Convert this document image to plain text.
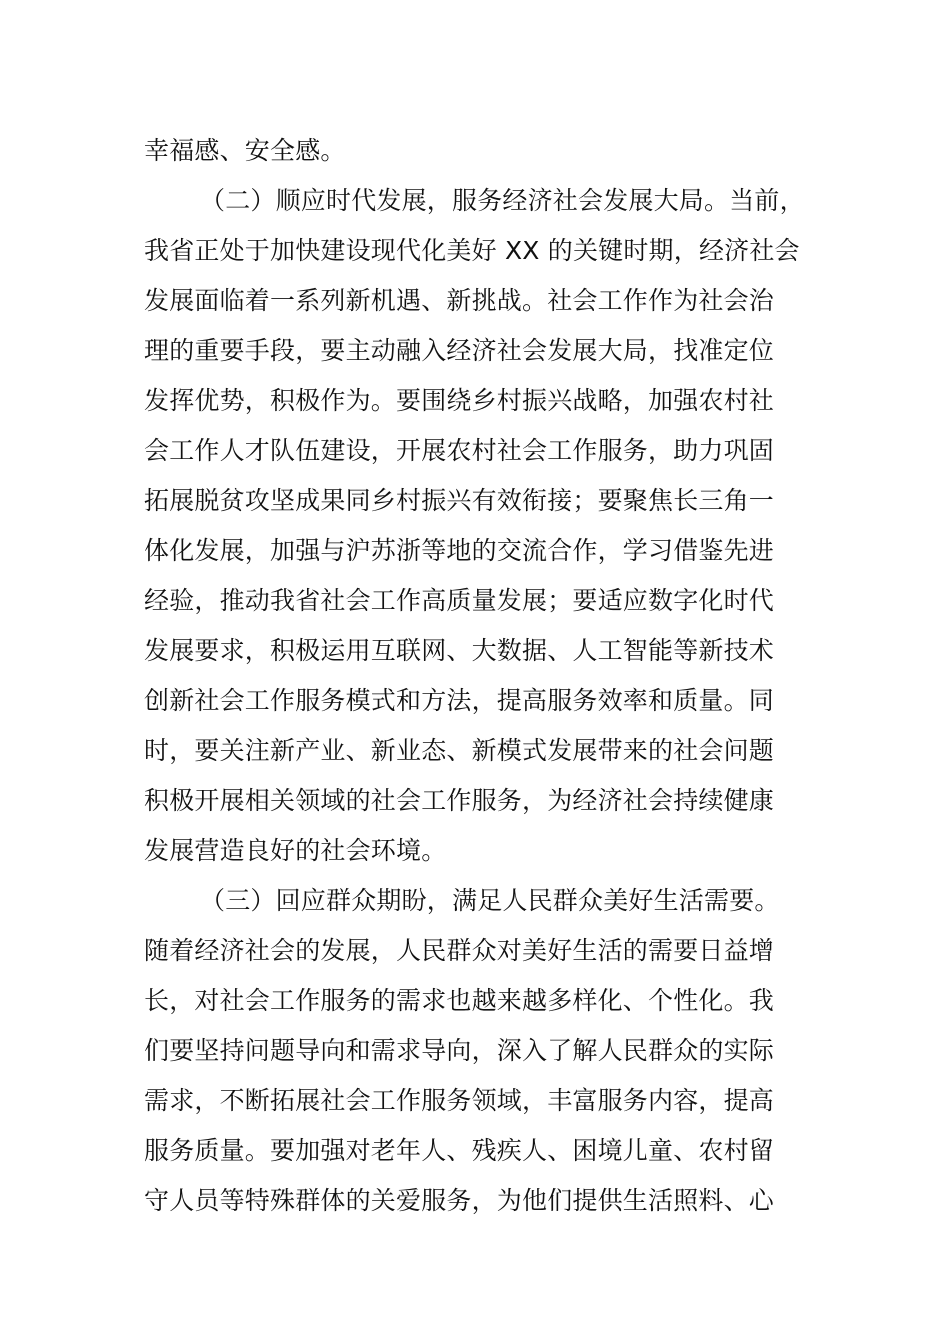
幸福感、安全感。
（二）顺应时代发展，服务经济社会发展大局。当前，
我省正处于加快建设现代化美好 XX 的关键时期，经济社会
发展面临着一系列新机遇、新挑战。社会工作作为社会治
理的重要手段，要主动融入经济社会发展大局，找准定位
发挥优势，积极作为。要围绕乡村振兴战略，加强农村社
会工作人才队伍建设，开展农村社会工作服务，助力巩固
拓展脱贫攻坚成果同乡村振兴有效衔接；要聚焦长三角一
体化发展，加强与沪苏浙等地的交流合作，学习借鉴先进
经验，推动我省社会工作高质量发展；要适应数字化时代
发展要求，积极运用互联网、大数据、人工智能等新技术
创新社会工作服务模式和方法，提高服务效率和质量。同
时，要关注新产业、新业态、新模式发展带来的社会问题
积极开展相关领域的社会工作服务，为经济社会持续健康
发展营造良好的社会环境。
（三）回应群众期盼，满足人民群众美好生活需要。
随着经济社会的发展，人民群众对美好生活的需要日益增
长，对社会工作服务的需求也越来越多样化、个性化。我
们要坚持问题导向和需求导向，深入了解人民群众的实际
需求，不断拓展社会工作服务领域，丰富服务内容，提高
服务质量。要加强对老年人、残疾人、困境儿童、农村留
守人员等特殊群体的关爱服务，为他们提供生活照料、心
